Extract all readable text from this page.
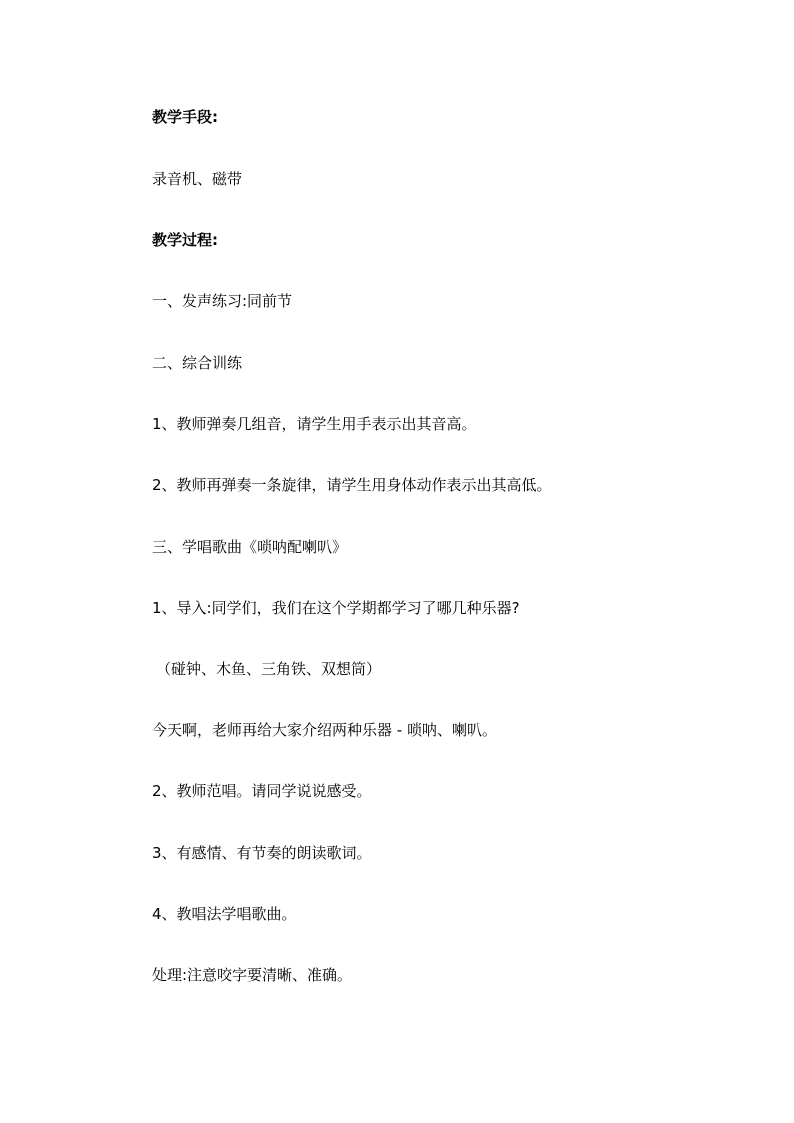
教学手段:

录音机、磁带

教学过程:

一、发声练习:同前节

二、综合训练

1、教师弹奏几组音，请学生用手表示出其音高。

2、教师再弹奏一条旋律，请学生用身体动作表示出其高低。

三、学唱歌曲《唢呐配喇叭》

1、导入:同学们，我们在这个学期都学习了哪几种乐器?

（碰钟、木鱼、三角铁、双想筒）

今天啊，老师再给大家介绍两种乐器 - 唢呐、喇叭。

2、教师范唱。请同学说说感受。

3、有感情、有节奏的朗读歌词。

4、教唱法学唱歌曲。

处理:注意咬字要清晰、准确。
